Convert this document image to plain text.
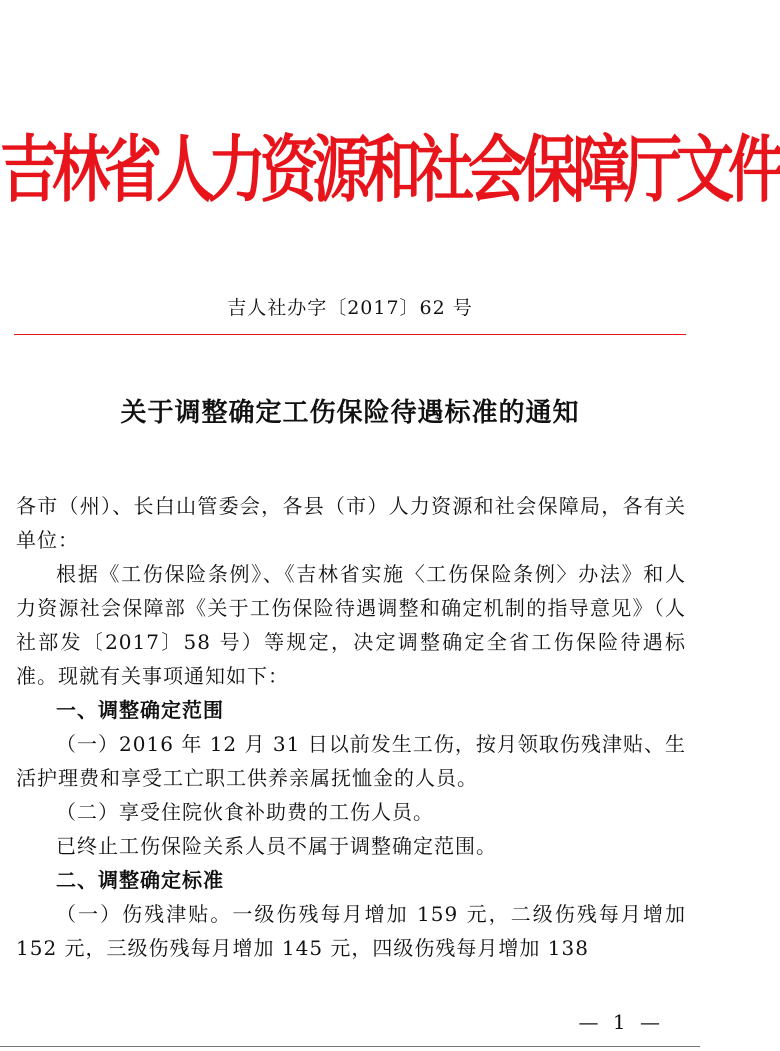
吉林省人力资源和社会保障厅文件
吉人社办字〔2017〕62 号
关于调整确定工伤保险待遇标准的通知

各市（州）、长白山管委会，各县（市）人力资源和社会保障局，各有关单位：

根据《工伤保险条例》、《吉林省实施〈工伤保险条例〉办法》和人力资源社会保障部《关于工伤保险待遇调整和确定机制的指导意见》（人社部发〔2017〕58 号）等规定，决定调整确定全省工伤保险待遇标准。现就有关事项通知如下：

一、调整确定范围

（一）2016 年 12 月 31 日以前发生工伤，按月领取伤残津贴、生活护理费和享受工亡职工供养亲属抚恤金的人员。

（二）享受住院伙食补助费的工伤人员。

已终止工伤保险关系人员不属于调整确定范围。

二、调整确定标准

（一）伤残津贴。一级伤残每月增加 159 元，二级伤残每月增加 152 元，三级伤残每月增加 145 元，四级伤残每月增加 138

— 1 —
